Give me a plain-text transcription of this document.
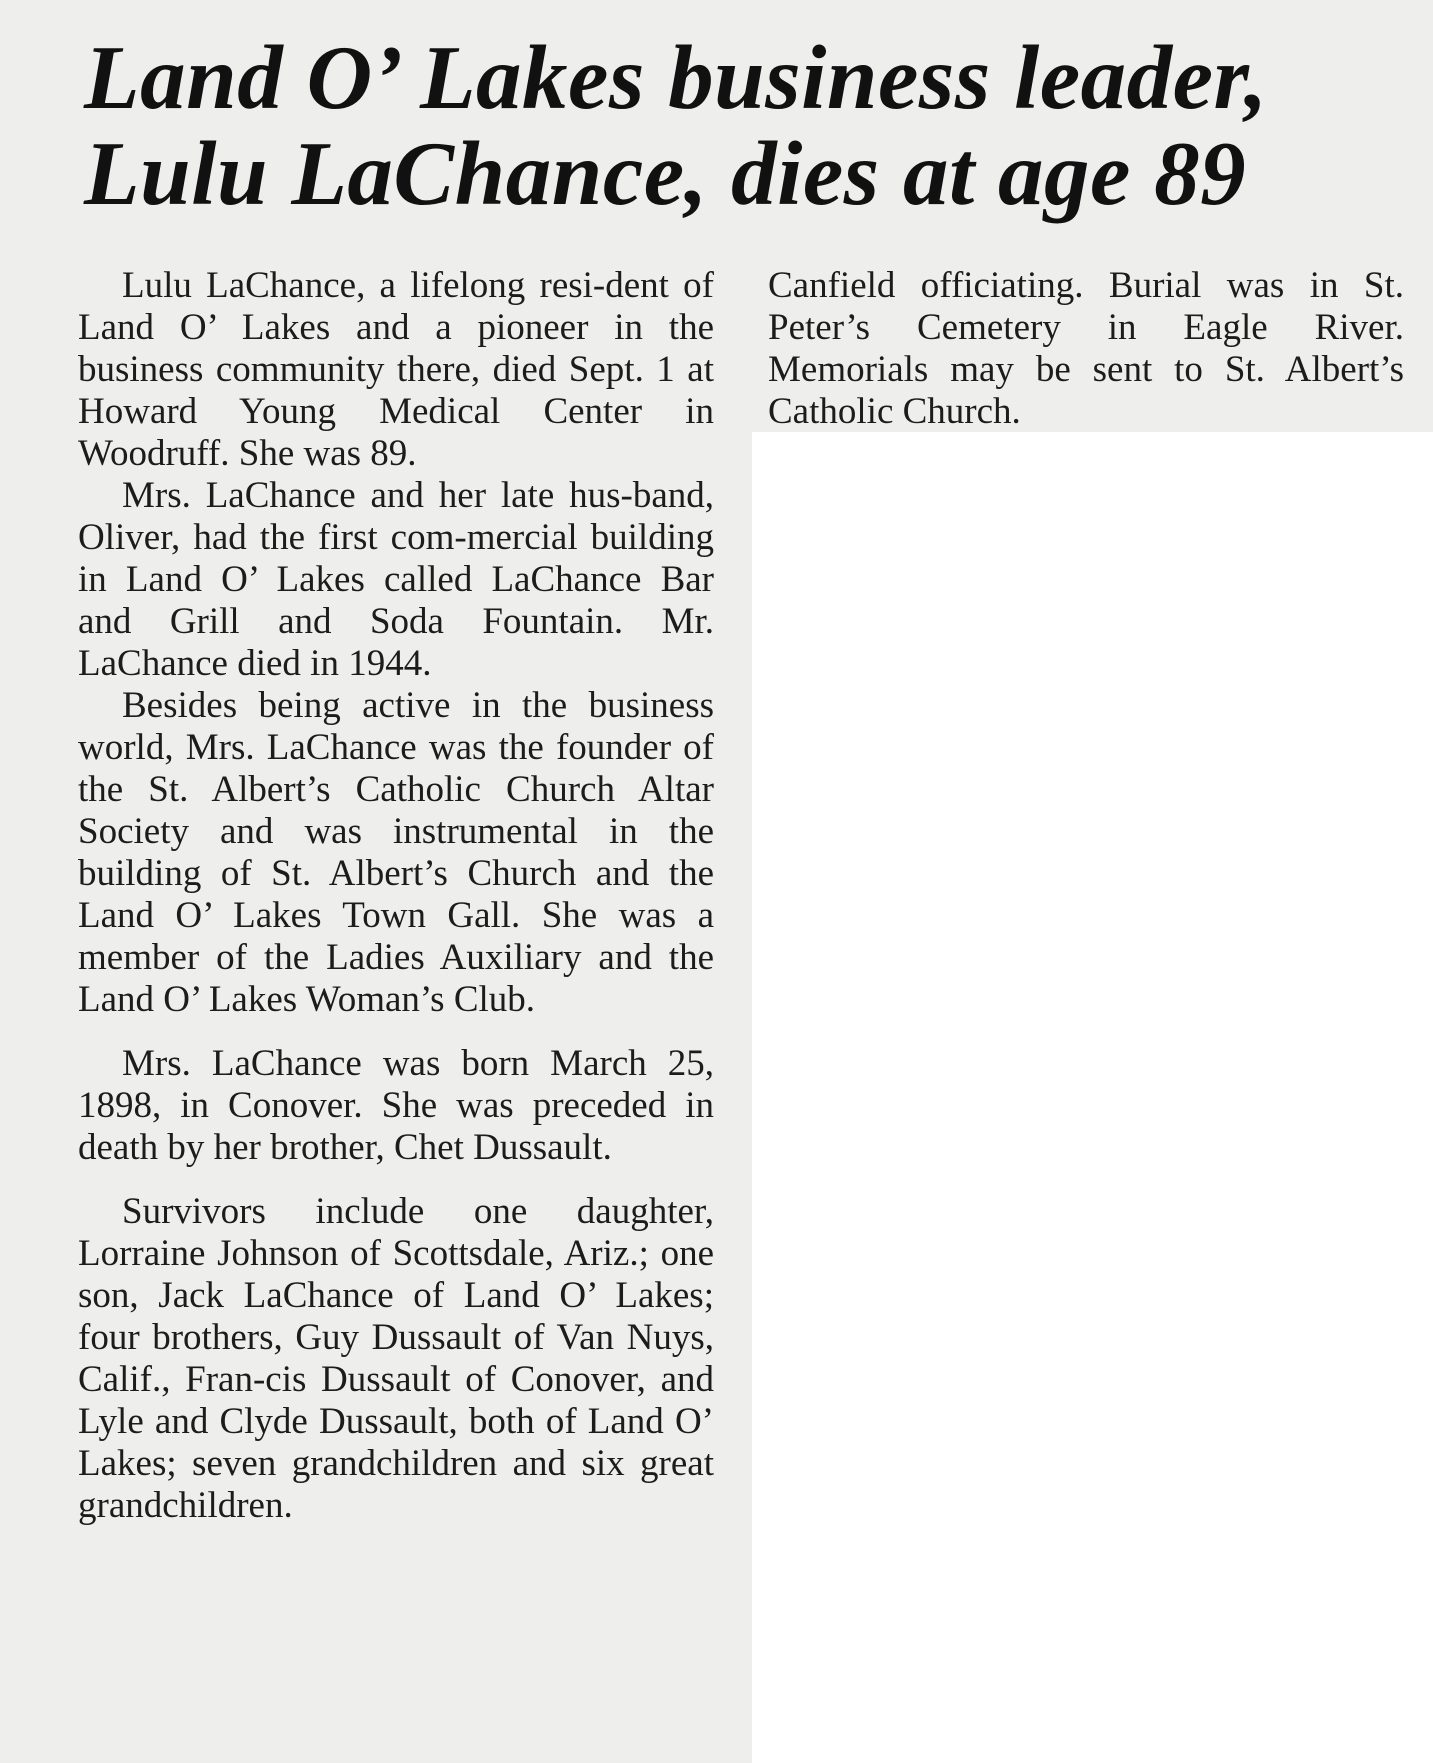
Land O’ Lakes business leader,
Lulu LaChance, dies at age 89

Lulu LaChance, a lifelong resi-dent of Land O’ Lakes and a pioneer in the business community there, died Sept. 1 at Howard Young Medical Center in Woodruff. She was 89.

Mrs. LaChance and her late hus-band, Oliver, had the first com-mercial building in Land O’ Lakes called LaChance Bar and Grill and Soda Fountain. Mr. LaChance died in 1944.

Besides being active in the business world, Mrs. LaChance was the founder of the St. Albert’s Catholic Church Altar Society and was instrumental in the building of St. Albert’s Church and the Land O’ Lakes Town Gall. She was a member of the Ladies Auxiliary and the Land O’ Lakes Woman’s Club.

Mrs. LaChance was born March 25, 1898, in Conover. She was preceded in death by her brother, Chet Dussault.

Survivors include one daughter, Lorraine Johnson of Scottsdale, Ariz.; one son, Jack LaChance of Land O’ Lakes; four brothers, Guy Dussault of Van Nuys, Calif., Fran-cis Dussault of Conover, and Lyle and Clyde Dussault, both of Land O’ Lakes; seven grandchildren and six great grandchildren.

Canfield officiating. Burial was in St. Peter’s Cemetery in Eagle River. Memorials may be sent to St. Albert’s Catholic Church.
